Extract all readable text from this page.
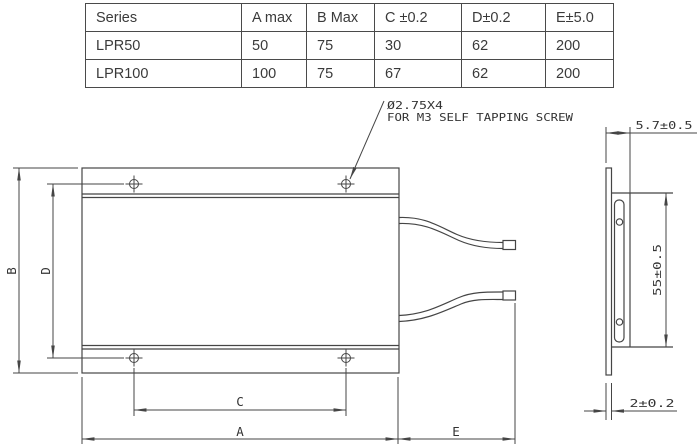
Series	A max	B Max	C ±0.2	D±0.2	E±5.0
LPR50	50	75	30	62	200
LPR100	100	75	67	62	200
Ø2.75X4
FOR M3 SELF TAPPING SCREW
B D
C
A	E
5.7±0.5
55±0.5
2±0.2
